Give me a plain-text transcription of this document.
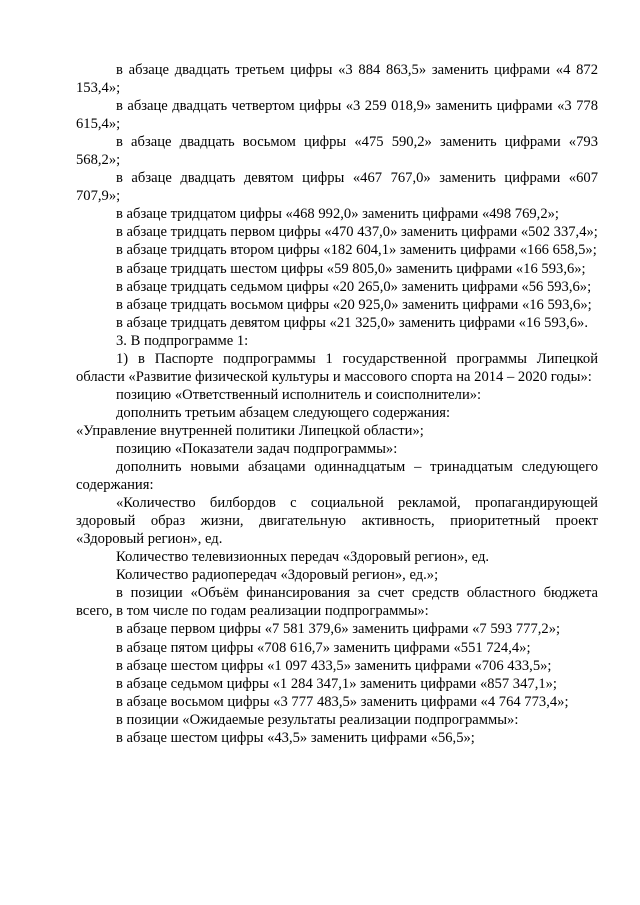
в абзаце двадцать третьем цифры «3 884 863,5» заменить цифрами «4 872 153,4»;

в абзаце двадцать четвертом цифры «3 259 018,9» заменить цифрами «3 778 615,4»;

в абзаце двадцать восьмом цифры «475 590,2» заменить цифрами «793 568,2»;

в абзаце двадцать девятом цифры «467 767,0» заменить цифрами «607 707,9»;

в абзаце тридцатом цифры «468 992,0» заменить цифрами «498 769,2»;

в абзаце тридцать первом цифры «470 437,0» заменить цифрами «502 337,4»;

в абзаце тридцать втором цифры «182 604,1» заменить цифрами «166 658,5»;

в абзаце тридцать шестом цифры «59 805,0» заменить цифрами «16 593,6»;

в абзаце тридцать седьмом цифры «20 265,0» заменить цифрами «56 593,6»;

в абзаце тридцать восьмом цифры «20 925,0» заменить цифрами «16 593,6»;

в абзаце тридцать девятом цифры «21 325,0» заменить цифрами «16 593,6».

3. В подпрограмме 1:

1) в Паспорте подпрограммы 1 государственной программы Липецкой области «Развитие физической культуры и массового спорта на 2014 – 2020 годы»:

позицию «Ответственный исполнитель и соисполнители»:

дополнить третьим абзацем следующего содержания:

«Управление внутренней политики Липецкой области»;

позицию «Показатели задач подпрограммы»:

дополнить новыми абзацами одиннадцатым – тринадцатым следующего содержания:

«Количество билбордов с социальной рекламой, пропагандирующей здоровый образ жизни, двигательную активность, приоритетный проект «Здоровый регион», ед.

Количество телевизионных передач «Здоровый регион», ед.

Количество радиопередач «Здоровый регион», ед.»;

в позиции «Объём финансирования за счет средств областного бюджета всего, в том числе по годам реализации подпрограммы»:

в абзаце первом цифры «7 581 379,6» заменить цифрами «7 593 777,2»;

в абзаце пятом цифры «708 616,7» заменить цифрами «551 724,4»;

в абзаце шестом цифры «1 097 433,5» заменить цифрами «706 433,5»;

в абзаце седьмом цифры «1 284 347,1» заменить цифрами «857 347,1»;

в абзаце восьмом цифры «3 777 483,5» заменить цифрами «4 764 773,4»;

в позиции «Ожидаемые результаты реализации подпрограммы»:

в абзаце шестом цифры «43,5» заменить цифрами «56,5»;
